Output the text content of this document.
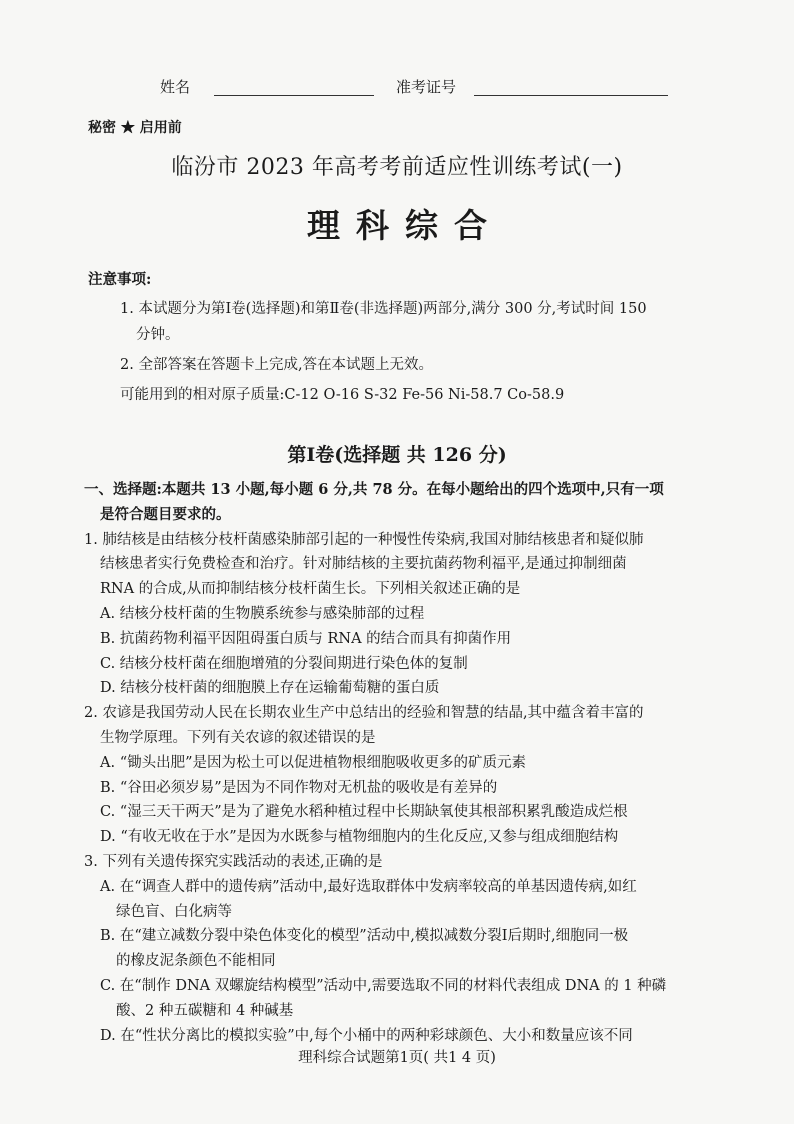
姓名	准考证号
秘密 ★ 启用前
临汾市 2023 年高考考前适应性训练考试(一)
理科综合
注意事项:
1. 本试题分为第Ⅰ卷(选择题)和第Ⅱ卷(非选择题)两部分,满分 300 分,考试时间 150
分钟。
2. 全部答案在答题卡上完成,答在本试题上无效。
可能用到的相对原子质量:C-12 O-16 S-32 Fe-56 Ni-58.7 Co-58.9
第Ⅰ卷(选择题 共 126 分)
一、选择题:本题共 13 小题,每小题 6 分,共 78 分。在每小题给出的四个选项中,只有一项
是符合题目要求的。
1. 肺结核是由结核分枝杆菌感染肺部引起的一种慢性传染病,我国对肺结核患者和疑似肺
结核患者实行免费检查和治疗。针对肺结核的主要抗菌药物利福平,是通过抑制细菌
RNA 的合成,从而抑制结核分枝杆菌生长。下列相关叙述正确的是
A. 结核分枝杆菌的生物膜系统参与感染肺部的过程
B. 抗菌药物利福平因阻碍蛋白质与 RNA 的结合而具有抑菌作用
C. 结核分枝杆菌在细胞增殖的分裂间期进行染色体的复制
D. 结核分枝杆菌的细胞膜上存在运输葡萄糖的蛋白质
2. 农谚是我国劳动人民在长期农业生产中总结出的经验和智慧的结晶,其中蕴含着丰富的
生物学原理。下列有关农谚的叙述错误的是
A. “锄头出肥”是因为松土可以促进植物根细胞吸收更多的矿质元素
B. “谷田必须岁易”是因为不同作物对无机盐的吸收是有差异的
C. “湿三天干两天”是为了避免水稻种植过程中长期缺氧使其根部积累乳酸造成烂根
D. “有收无收在于水”是因为水既参与植物细胞内的生化反应,又参与组成细胞结构
3. 下列有关遗传探究实践活动的表述,正确的是
A. 在“调查人群中的遗传病”活动中,最好选取群体中发病率较高的单基因遗传病,如红
绿色盲、白化病等
B. 在“建立减数分裂中染色体变化的模型”活动中,模拟减数分裂Ⅰ后期时,细胞同一极
的橡皮泥条颜色不能相同
C. 在“制作 DNA 双螺旋结构模型”活动中,需要选取不同的材料代表组成 DNA 的 1 种磷
酸、2 种五碳糖和 4 种碱基
D. 在“性状分离比的模拟实验”中,每个小桶中的两种彩球颜色、大小和数量应该不同
理科综合试题第1页( 共1 4 页)
